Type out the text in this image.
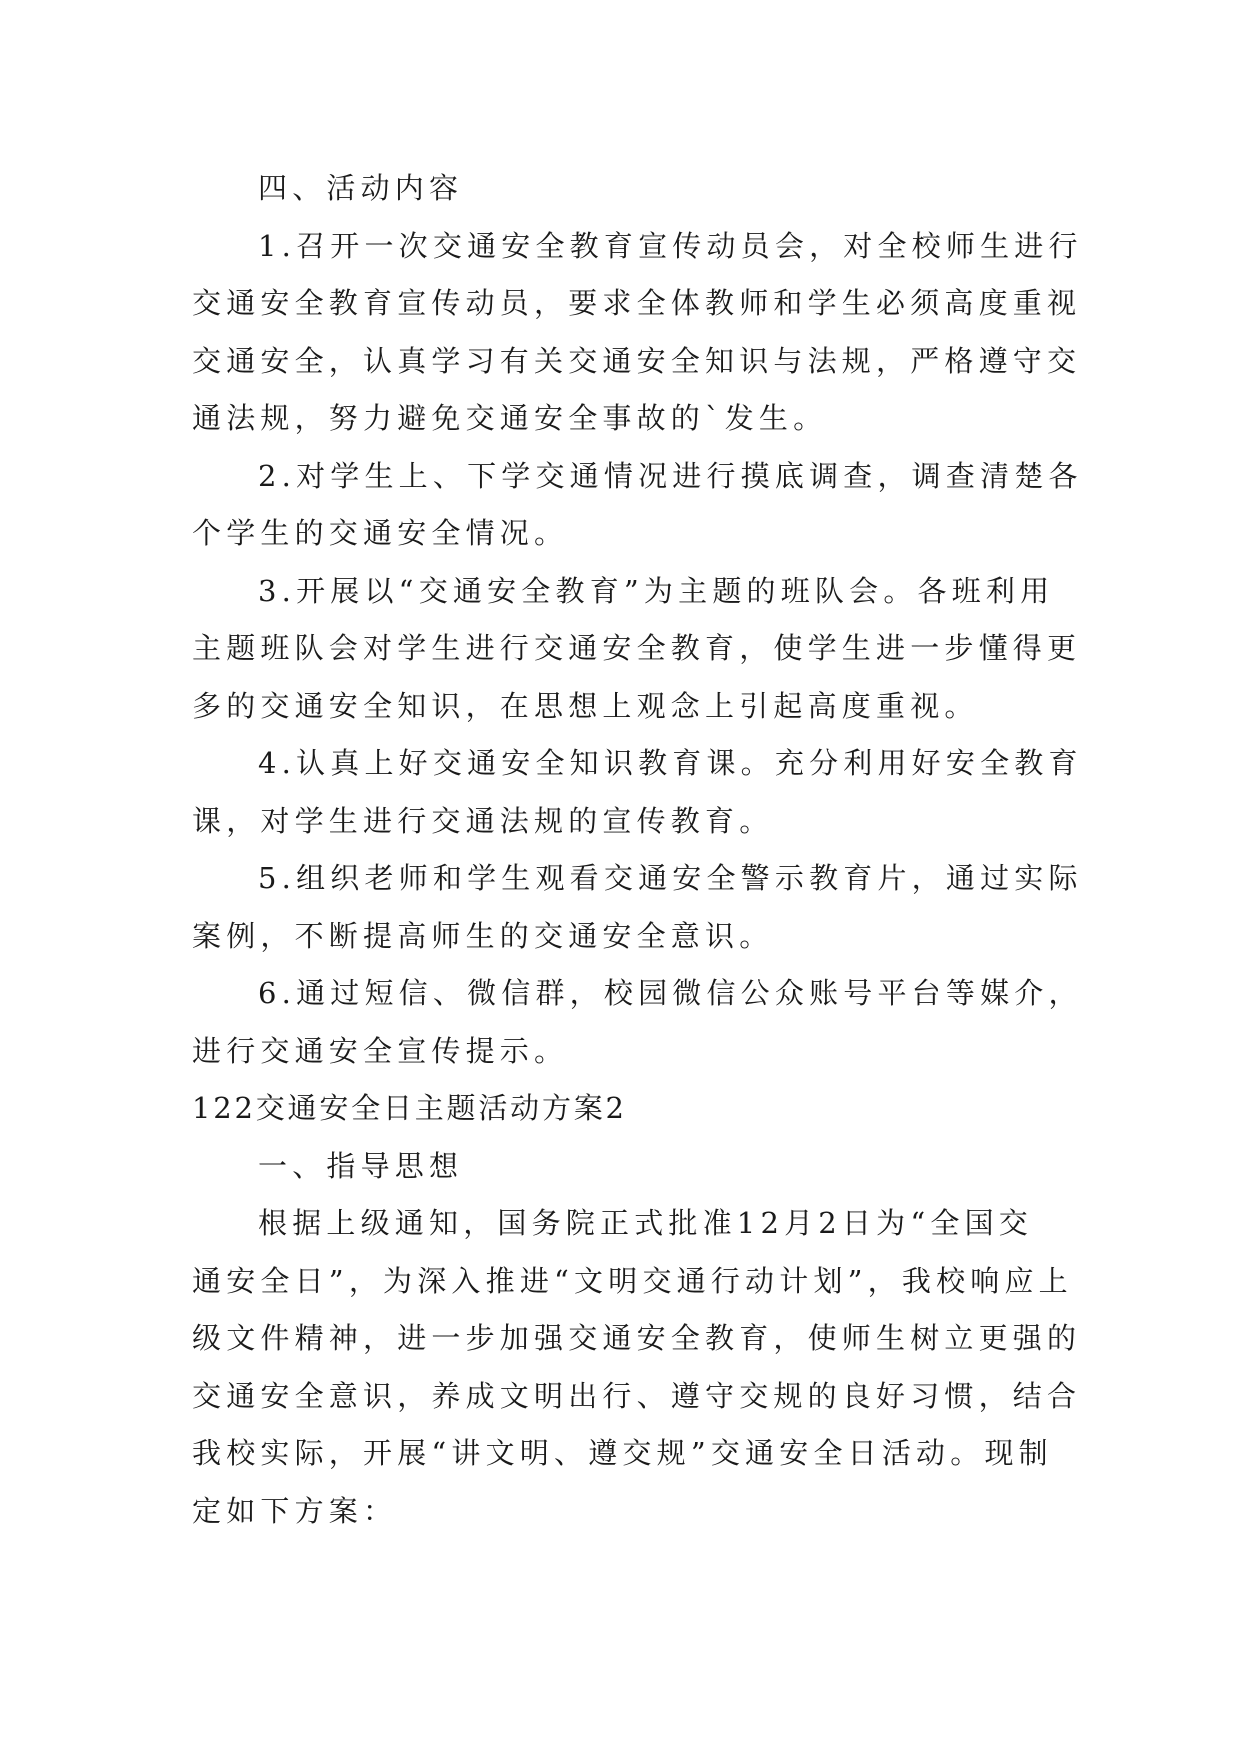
四、活动内容
1.召开一次交通安全教育宣传动员会，对全校师生进行
交通安全教育宣传动员，要求全体教师和学生必须高度重视
交通安全，认真学习有关交通安全知识与法规，严格遵守交
通法规，努力避免交通安全事故的`发生。
2.对学生上、下学交通情况进行摸底调查，调查清楚各
个学生的交通安全情况。
3.开展以“交通安全教育”为主题的班队会。各班利用
主题班队会对学生进行交通安全教育，使学生进一步懂得更
多的交通安全知识，在思想上观念上引起高度重视。
4.认真上好交通安全知识教育课。充分利用好安全教育
课，对学生进行交通法规的宣传教育。
5.组织老师和学生观看交通安全警示教育片，通过实际
案例，不断提高师生的交通安全意识。
6.通过短信、微信群，校园微信公众账号平台等媒介，
进行交通安全宣传提示。
122交通安全日主题活动方案2
一、指导思想
根据上级通知，国务院正式批准12月2日为“全国交
通安全日”，为深入推进“文明交通行动计划”，我校响应上
级文件精神，进一步加强交通安全教育，使师生树立更强的
交通安全意识，养成文明出行、遵守交规的良好习惯，结合
我校实际，开展“讲文明、遵交规”交通安全日活动。现制
定如下方案：
